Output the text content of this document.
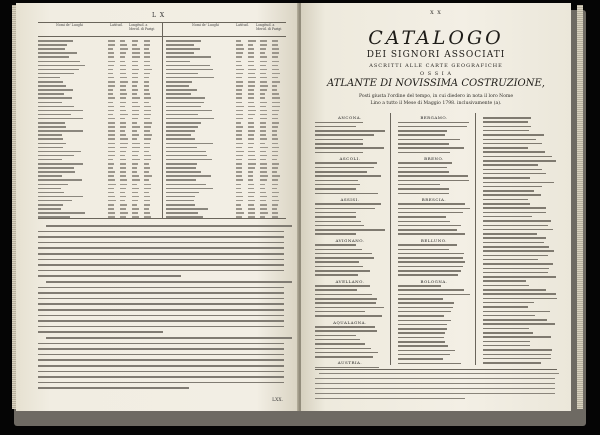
L X
Nomi de' Luoghi	Latitud. Longitud. a Merid. di Parigi
Nomi de' Luoghi	Latitud. Longitud. a Merid. di Parigi
LXX.
X X
CATALOGO
DEI SIGNORI ASSOCIATI
ASCRITTI ALLE CARTE GEOGRAFICHE
O S S I A
ATLANTE DI NOVISSIMA COSTRUZIONE,
Posti giusta l'ordine del tempo, in cui diedero in nota il loro Nome
Lino a tutto il Mese di Maggio 1798. inclusivamente (a).
ANCONA.
ASCOLI.
ASSISI.
AVIGNANO.
AVELLANO.
AQUALAGNA.
AUSTRIA.
BERGAMO.
BRENO.
BRESCIA.
BELLUNO.
BOLOGNA.
